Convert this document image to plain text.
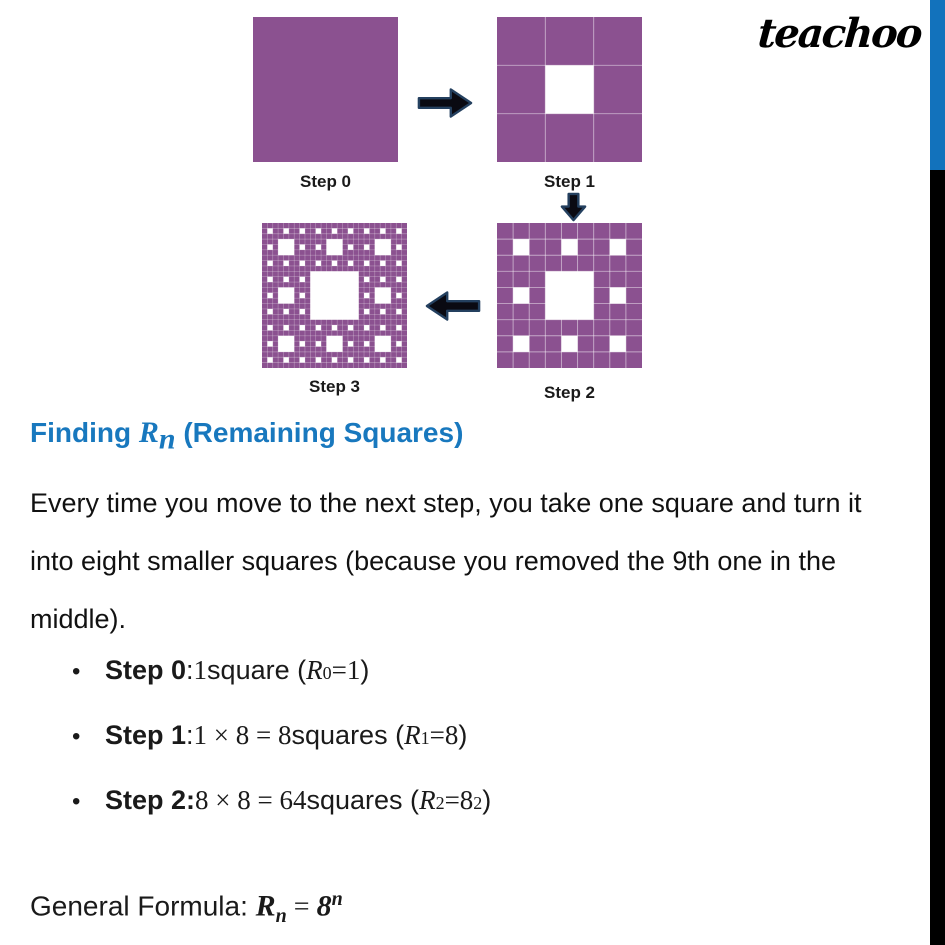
Step 0	Step 1
Step 2
Step 3
Finding $R_n$ (Remaining Squares)
Every time you move to the next step, you take one square and turn it
into eight smaller squares (because you removed the 9th one in the
middle).
• Step 0 : 1 square ( R 0 = 1 )
• Step 1 : 1 × 8 = 8 squares ( R 1 = 8 )
• Step 2: 8 × 8 = 64 squares ( R 2 = 8 2 )
General Formula: $R_n = 8^n$
teachoo
